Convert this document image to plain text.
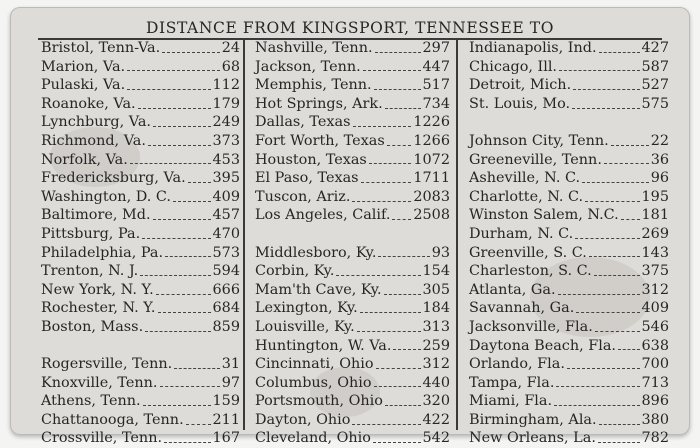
DISTANCE FROM KINGSPORT, TENNESSEE TO
Bristol, Tenn-Va.	24
Marion, Va.	68
Pulaski, Va.	112
Roanoke, Va.	179
Lynchburg, Va.	249
Richmond, Va.	373
Norfolk, Va.	453
Fredericksburg, Va. 395
Washington, D. C.	409
Baltimore, Md.	457
Pittsburg, Pa.	470
Philadelphia, Pa.	573
Trenton, N. J.	594
New York, N. Y.	666
Rochester, N. Y.	684
Boston, Mass.	859
Rogersville, Tenn.	31
Knoxville, Tenn.	97
Athens, Tenn.	159
Chattanooga, Tenn. 211
Crossville, Tenn.	167
Nashville, Tenn.	297
Jackson, Tenn.	447
Memphis, Tenn.	517
Hot Springs, Ark.	734
Dallas, Texas	1226
Fort Worth, Texas 1266
Houston, Texas	1072
El Paso, Texas	1711
Tuscon, Ariz.	2083
Los Angeles, Calif. 2508
Middlesboro, Ky.	93
Corbin, Ky.	154
Mam'th Cave, Ky.	305
Lexington, Ky.	184
Louisville, Ky.	313
Huntington, W. Va. 259
Cincinnati, Ohio	312
Columbus, Ohio	440
Portsmouth, Ohio	320
Dayton, Ohio	422
Cleveland, Ohio	542
Indianapolis, Ind.	427
Chicago, Ill.	587
Detroit, Mich.	527
St. Louis, Mo.	575
Johnson City, Tenn.	22
Greeneville, Tenn.	36
Asheville, N. C.	96
Charlotte, N. C.	195
Winston Salem, N.C. 181
Durham, N. C.	269
Greenville, S. C.	143
Charleston, S. C.	375
Atlanta, Ga.	312
Savannah, Ga.	409
Jacksonville, Fla.	546
Daytona Beach, Fla. 638
Orlando, Fla.	700
Tampa, Fla.	713
Miami, Fla.	896
Birmingham, Ala.	380
New Orleans, La.	782
